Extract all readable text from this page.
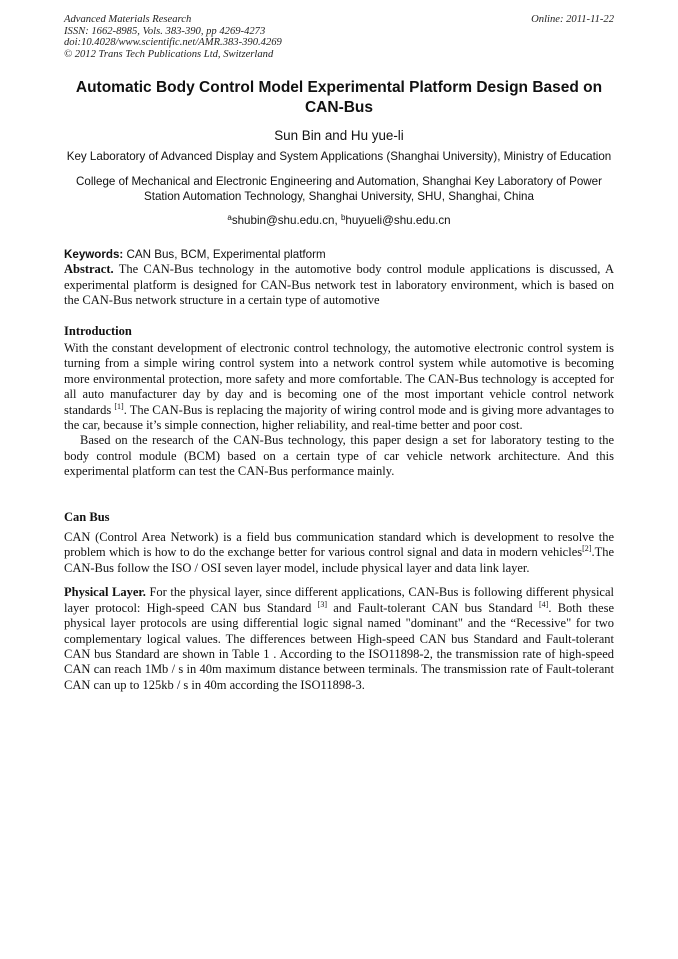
Advanced Materials Research
ISSN: 1662-8985, Vols. 383-390, pp 4269-4273
doi:10.4028/www.scientific.net/AMR.383-390.4269
© 2012 Trans Tech Publications Ltd, Switzerland
Online: 2011-11-22
Automatic Body Control Model Experimental Platform Design Based on CAN-Bus
Sun Bin and Hu yue-li
Key Laboratory of Advanced Display and System Applications (Shanghai University), Ministry of Education
College of Mechanical and Electronic Engineering and Automation, Shanghai Key Laboratory of Power Station Automation Technology, Shanghai University, SHU, Shanghai, China
$^a$shubin@shu.edu.cn, $^b$huyueli@shu.edu.cn
Keywords: CAN Bus, BCM, Experimental platform

Abstract. The CAN-Bus technology in the automotive body control module applications is discussed, A experimental platform is designed for CAN-Bus network test in laboratory environment, which is based on the CAN-Bus network structure in a certain type of automotive

Introduction

With the constant development of electronic control technology, the automotive electronic control system is turning from a simple wiring control system into a network control system while automotive is becoming more environmental protection, more safety and more comfortable. The CAN-Bus technology is accepted for all auto manufacturer day by day and is becoming one of the most important vehicle control network standards [1]. The CAN-Bus is replacing the majority of wiring control mode and is giving more advantages to the car, because it’s simple connection, higher reliability, and real-time better and poor cost.

Based on the research of the CAN-Bus technology, this paper design a set for laboratory testing to the body control module (BCM) based on a certain type of car vehicle network architecture. And this experimental platform can test the CAN-Bus performance mainly.

Can Bus

CAN (Control Area Network) is a field bus communication standard which is development to resolve the problem which is how to do the exchange better for various control signal and data in modern vehicles[2].The CAN-Bus follow the ISO / OSI seven layer model, include physical layer and data link layer.

Physical Layer. For the physical layer, since different applications, CAN-Bus is following different physical layer protocol: High-speed CAN bus Standard [3] and Fault-tolerant CAN bus Standard [4]. Both these physical layer protocols are using differential logic signal named "dominant" and the “Recessive" for two complementary logical values. The differences between High-speed CAN bus Standard and Fault-tolerant CAN bus Standard are shown in Table 1 . According to the ISO11898-2, the transmission rate of high-speed CAN can reach 1Mb / s in 40m maximum distance between terminals. The transmission rate of Fault-tolerant CAN can up to 125kb / s in 40m according the ISO11898-3.
